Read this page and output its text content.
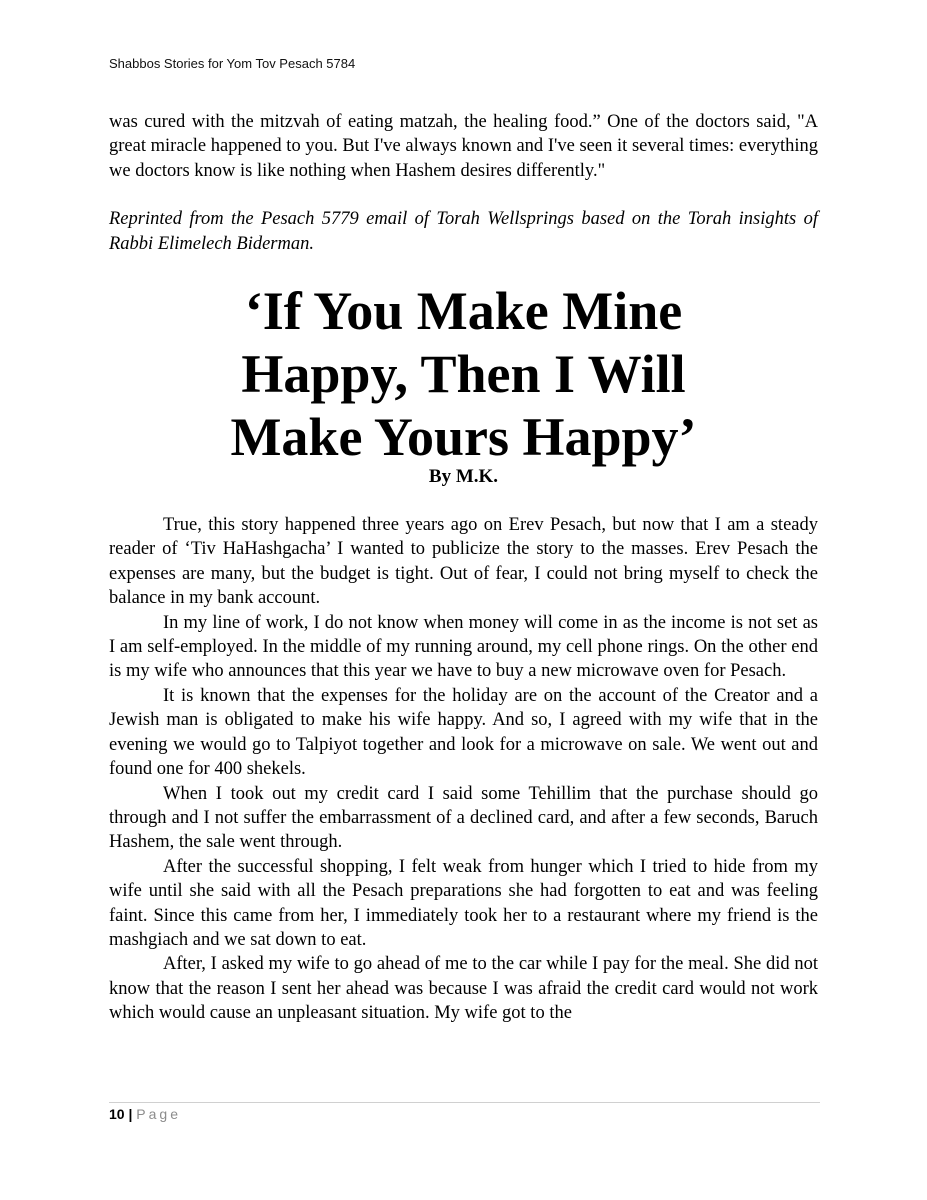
Shabbos Stories for Yom Tov Pesach 5784

was cured with the mitzvah of eating matzah, the healing food.” One of the doctors said, "A great miracle happened to you. But I've always known and I've seen it several times: everything we doctors know is like nothing when Hashem desires differently."

Reprinted from the Pesach 5779 email of Torah Wellsprings based on the Torah insights of Rabbi Elimelech Biderman.

‘If You Make Mine
Happy, Then I Will
Make Yours Happy’

By M.K.

True, this story happened three years ago on Erev Pesach, but now that I am a steady reader of ‘Tiv HaHashgacha’ I wanted to publicize the story to the masses. Erev Pesach the expenses are many, but the budget is tight. Out of fear, I could not bring myself to check the balance in my bank account.

In my line of work, I do not know when money will come in as the income is not set as I am self-employed. In the middle of my running around, my cell phone rings. On the other end is my wife who announces that this year we have to buy a new microwave oven for Pesach.

It is known that the expenses for the holiday are on the account of the Creator and a Jewish man is obligated to make his wife happy. And so, I agreed with my wife that in the evening we would go to Talpiyot together and look for a microwave on sale. We went out and found one for 400 shekels.

When I took out my credit card I said some Tehillim that the purchase should go through and I not suffer the embarrassment of a declined card, and after a few seconds, Baruch Hashem, the sale went through.

After the successful shopping, I felt weak from hunger which I tried to hide from my wife until she said with all the Pesach preparations she had forgotten to eat and was feeling faint. Since this came from her, I immediately took her to a restaurant where my friend is the mashgiach and we sat down to eat.

After, I asked my wife to go ahead of me to the car while I pay for the meal. She did not know that the reason I sent her ahead was because I was afraid the credit card would not work which would cause an unpleasant situation. My wife got to the

10 | Page
